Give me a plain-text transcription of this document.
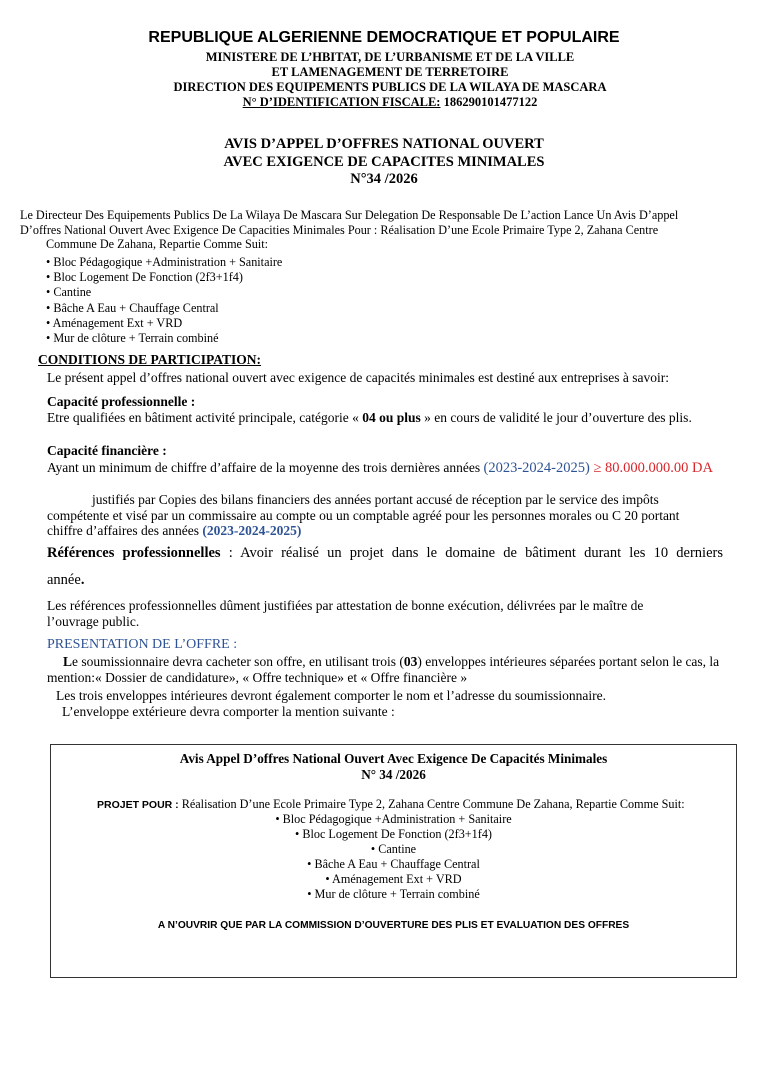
REPUBLIQUE ALGERIENNE DEMOCRATIQUE ET POPULAIRE
MINISTERE DE L’HBITAT, DE L’URBANISME ET DE LA VILLE
ET LAMENAGEMENT DE TERRETOIRE
DIRECTION DES EQUIPEMENTS PUBLICS DE LA WILAYA DE MASCARA
N° D’IDENTIFICATION FISCALE: 186290101477122
AVIS D’APPEL D’OFFRES NATIONAL OUVERT
AVEC EXIGENCE DE CAPACITES MINIMALES
N°34 /2026
Le Directeur Des Equipements Publics De La Wilaya De Mascara Sur Delegation De Responsable De L’action Lance Un Avis D’appel
D’offres National Ouvert Avec Exigence De Capacities Minimales Pour : Réalisation D’une Ecole Primaire Type 2, Zahana Centre
Commune De Zahana, Repartie Comme Suit:
• Bloc Pédagogique +Administration + Sanitaire
• Bloc Logement De Fonction (2f3+1f4)
• Cantine
• Bâche A Eau + Chauffage Central
• Aménagement Ext + VRD
• Mur de clôture + Terrain combiné
CONDITIONS DE PARTICIPATION:
Le présent appel d’offres national ouvert avec exigence de capacités minimales est destiné aux entreprises à savoir:
Capacité professionnelle :
Etre qualifiées en bâtiment activité principale, catégorie « 04 ou plus » en cours de validité le jour d’ouverture des plis.
Capacité financière :
Ayant un minimum de chiffre d’affaire de la moyenne des trois dernières années (2023-2024-2025) ≥ 80.000.000.00 DA
justifiés par Copies des bilans financiers des années portant accusé de réception par le service des impôts compétente et visé par un commissaire au compte ou un comptable agréé pour les personnes morales ou C 20 portant chiffre d’affaires des années (2023-2024-2025)
Références professionnelles : Avoir réalisé un projet dans le domaine de bâtiment durant les 10 derniers
année.
Les références professionnelles dûment justifiées par attestation de bonne exécution, délivrées par le maître de l’ouvrage public.
PRESENTATION DE L’OFFRE :
Le soumissionnaire devra cacheter son offre, en utilisant trois (03) enveloppes intérieures séparées portant selon le cas, la mention:« Dossier de candidature», « Offre technique» et « Offre financière »
Les trois enveloppes intérieures devront également comporter le nom et l’adresse du soumissionnaire.
L’enveloppe extérieure devra comporter la mention suivante :
Avis Appel D’offres National Ouvert Avec Exigence De Capacités Minimales
N° 34 /2026
PROJET POUR : Réalisation D’une Ecole Primaire Type 2, Zahana Centre Commune De Zahana, Repartie Comme Suit:
• Bloc Pédagogique +Administration + Sanitaire
• Bloc Logement De Fonction (2f3+1f4)
• Cantine
• Bâche A Eau + Chauffage Central
• Aménagement Ext + VRD
• Mur de clôture + Terrain combiné
A N’OUVRIR QUE PAR LA COMMISSION D’OUVERTURE DES PLIS ET EVALUATION DES OFFRES
